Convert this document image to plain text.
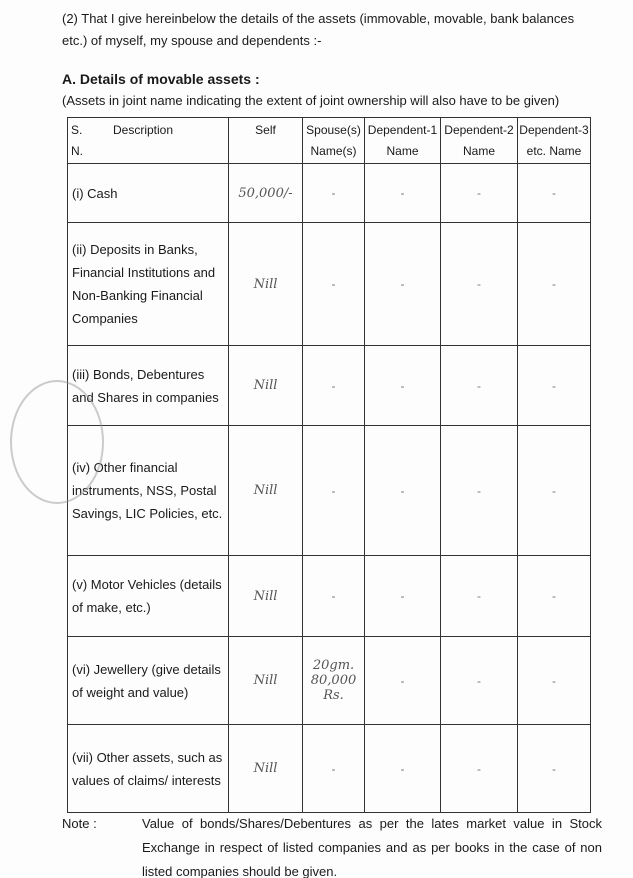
(2) That I give hereinbelow the details of the assets (immovable, movable, bank balances etc.) of myself, my spouse and dependents :-
A. Details of movable assets :
(Assets in joint name indicating the extent of joint ownership will also have to be given)
S. N.
Description	Self	Spouse(s) Name(s)	Dependent-1 Name	Dependent-2 Name	Dependent-3 etc. Name
(i) Cash	50,000/-	-	-	-	-
(ii) Deposits in Banks, Financial Institutions and Non-Banking Financial Companies	Nill	-	-	-	-
(iii) Bonds, Debentures and Shares in companies	Nill	-	-	-	-
(iv) Other financial instruments, NSS, Postal Savings, LIC Policies, etc.	Nill	-	-	-	-
(v) Motor Vehicles (details of make, etc.)	Nill	-	-	-	-
(vi) Jewellery (give details of weight and value)	Nill	20gm. 80,000 Rs.	-	-	-
(vii) Other assets, such as values of claims/ interests	Nill	-	-	-	-
Note :	Value of bonds/Shares/Debentures as per the lates market value in Stock Exchange in respect of listed companies and as per books in the case of non listed companies should be given.
